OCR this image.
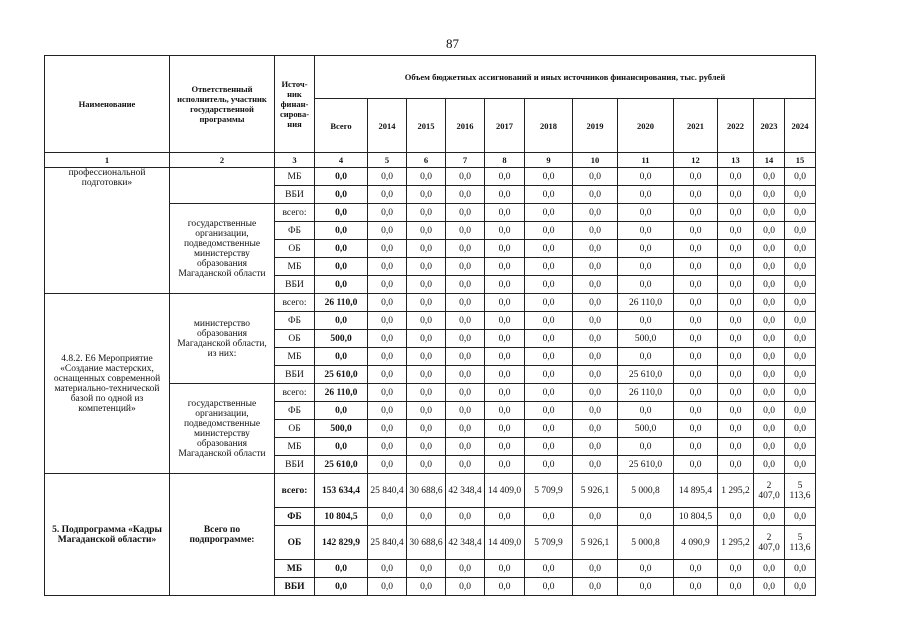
87
Наименование	Ответственный исполнитель, участник государственной программы	Источ-ник финан-сирова-ния	Объем бюджетных ассигнований и иных источников финансирования, тыс. рублей											
			Всего	2014	2015	2016	2017	2018	2019	2020	2021	2022	2023	2024
1	2	3	4	5	6	7	8	9	10	11	12	13	14	15
профессиональной подготовки»		МБ	0,0	0,0	0,0	0,0	0,0	0,0	0,0	0,0	0,0	0,0	0,0	0,0
		ВБИ	0,0	0,0	0,0	0,0	0,0	0,0	0,0	0,0	0,0	0,0	0,0	0,0
	государственные организации, подведомственные министерству образования Магаданской области	всего:	0,0	0,0	0,0	0,0	0,0	0,0	0,0	0,0	0,0	0,0	0,0	0,0
		ФБ	0,0	0,0	0,0	0,0	0,0	0,0	0,0	0,0	0,0	0,0	0,0	0,0
		ОБ	0,0	0,0	0,0	0,0	0,0	0,0	0,0	0,0	0,0	0,0	0,0	0,0
		МБ	0,0	0,0	0,0	0,0	0,0	0,0	0,0	0,0	0,0	0,0	0,0	0,0
		ВБИ	0,0	0,0	0,0	0,0	0,0	0,0	0,0	0,0	0,0	0,0	0,0	0,0
4.8.2. Е6 Мероприятие «Создание мастерских, оснащенных современной материально-технической базой по одной из компетенций»	министерство образования Магаданской области, из них:	всего:	26 110,0	0,0	0,0	0,0	0,0	0,0	0,0	26 110,0	0,0	0,0	0,0	0,0
		ФБ	0,0	0,0	0,0	0,0	0,0	0,0	0,0	0,0	0,0	0,0	0,0	0,0
		ОБ	500,0	0,0	0,0	0,0	0,0	0,0	0,0	500,0	0,0	0,0	0,0	0,0
		МБ	0,0	0,0	0,0	0,0	0,0	0,0	0,0	0,0	0,0	0,0	0,0	0,0
		ВБИ	25 610,0	0,0	0,0	0,0	0,0	0,0	0,0	25 610,0	0,0	0,0	0,0	0,0
	государственные организации, подведомственные министерству образования Магаданской области	всего:	26 110,0	0,0	0,0	0,0	0,0	0,0	0,0	26 110,0	0,0	0,0	0,0	0,0
		ФБ	0,0	0,0	0,0	0,0	0,0	0,0	0,0	0,0	0,0	0,0	0,0	0,0
		ОБ	500,0	0,0	0,0	0,0	0,0	0,0	0,0	500,0	0,0	0,0	0,0	0,0
		МБ	0,0	0,0	0,0	0,0	0,0	0,0	0,0	0,0	0,0	0,0	0,0	0,0
		ВБИ	25 610,0	0,0	0,0	0,0	0,0	0,0	0,0	25 610,0	0,0	0,0	0,0	0,0
5. Подпрограмма «Кадры Магаданской области»	Всего по подпрограмме:	всего:	153 634,4	25 840,4	30 688,6	42 348,4	14 409,0	5 709,9	5 926,1	5 000,8	14 895,4	1 295,2	2 407,0	5 113,6
		ФБ	10 804,5	0,0	0,0	0,0	0,0	0,0	0,0	0,0	10 804,5	0,0	0,0	0,0
		ОБ	142 829,9	25 840,4	30 688,6	42 348,4	14 409,0	5 709,9	5 926,1	5 000,8	4 090,9	1 295,2	2 407,0	5 113,6
		МБ	0,0	0,0	0,0	0,0	0,0	0,0	0,0	0,0	0,0	0,0	0,0	0,0
		ВБИ	0,0	0,0	0,0	0,0	0,0	0,0	0,0	0,0	0,0	0,0	0,0	0,0
